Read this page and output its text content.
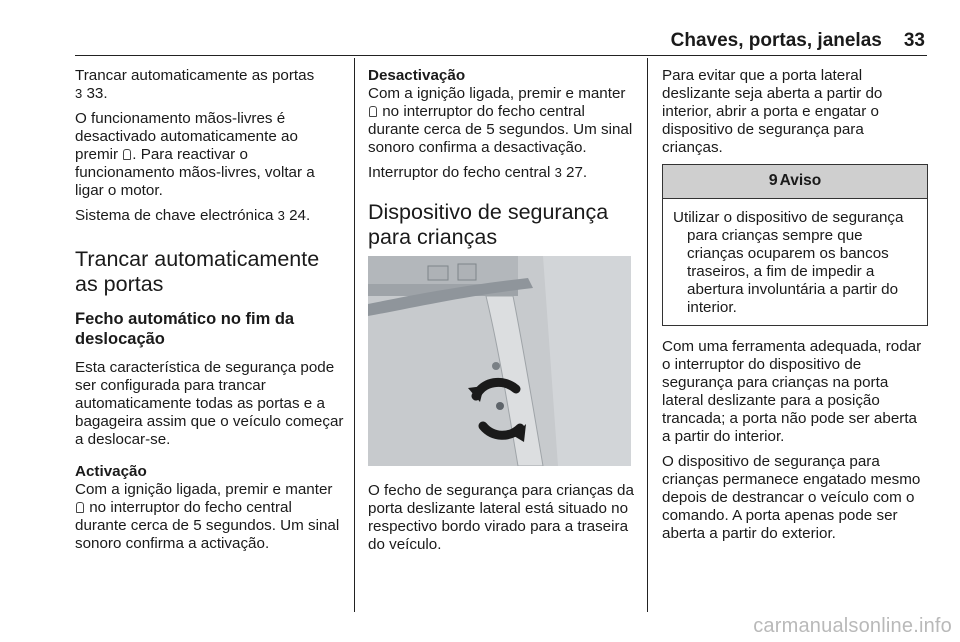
Chaves, portas, janelas 33

Trancar automaticamente as portas
3 33.

O funcionamento mãos-livres é desactivado automaticamente ao premir . Para reactivar o funcionamento mãos-livres, voltar a ligar o motor.

Sistema de chave electrónica 3 24.

Trancar automaticamente as portas
Fecho automático no fim da deslocação

Esta característica de segurança pode ser configurada para trancar automaticamente todas as portas e a bagageira assim que o veículo começar a deslocar-se.

Activação

Com a ignição ligada, premir e manter  no interruptor do fecho central durante cerca de 5 segundos. Um sinal sonoro confirma a activação.

Desactivação

Com a ignição ligada, premir e manter  no interruptor do fecho central durante cerca de 5 segundos. Um sinal sonoro confirma a desactivação.

Interruptor do fecho central 3 27.

Dispositivo de segurança para crianças

O fecho de segurança para crianças da porta deslizante lateral está situado no respectivo bordo virado para a traseira do veículo.

Para evitar que a porta lateral deslizante seja aberta a partir do interior, abrir a porta e engatar o dispositivo de segurança para crianças.

9 Aviso
Utilizar o dispositivo de segurança
para crianças sempre que crianças ocuparem os bancos traseiros, a fim de impedir a abertura involuntária a partir do interior.

Com uma ferramenta adequada, rodar o interruptor do dispositivo de segurança para crianças na porta lateral deslizante para a posição trancada; a porta não pode ser aberta a partir do interior.

O dispositivo de segurança para crianças permanece engatado mesmo depois de destrancar o veículo com o comando. A porta apenas pode ser aberta a partir do exterior.

carmanualsonline.info
